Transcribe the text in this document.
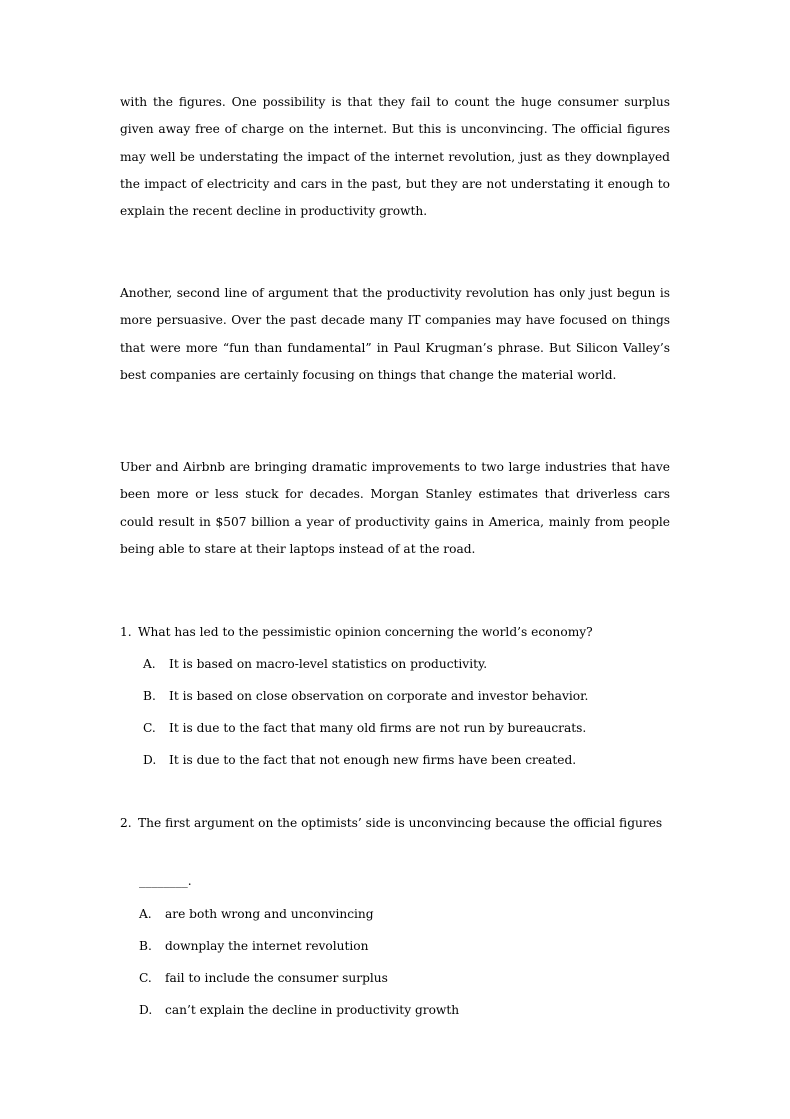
with the figures. One possibility is that they fail to count the huge consumer surplus given away free of charge on the internet. But this is unconvincing. The official figures may well be understating the impact of the internet revolution, just as they downplayed the impact of electricity and cars in the past, but they are not understating it enough to explain the recent decline in productivity growth.

Another, second line of argument that the productivity revolution has only just begun is more persuasive. Over the past decade many IT companies may have focused on things that were more “fun than fundamental” in Paul Krugman’s phrase. But Silicon Valley’s best companies are certainly focusing on things that change the material world.

Uber and Airbnb are bringing dramatic improvements to two large industries that have been more or less stuck for decades. Morgan Stanley estimates that driverless cars could result in $507 billion a year of productivity gains in America, mainly from people being able to stare at their laptops instead of at the road.

1. What has led to the pessimistic opinion concerning the world’s economy?

A. It is based on macro-level statistics on productivity.

B. It is based on close observation on corporate and investor behavior.

C. It is due to the fact that many old firms are not run by bureaucrats.

D. It is due to the fact that not enough new firms have been created.

2. The first argument on the optimists’ side is unconvincing because the official figures

________.

A. are both wrong and unconvincing

B. downplay the internet revolution

C. fail to include the consumer surplus

D. can’t explain the decline in productivity growth
